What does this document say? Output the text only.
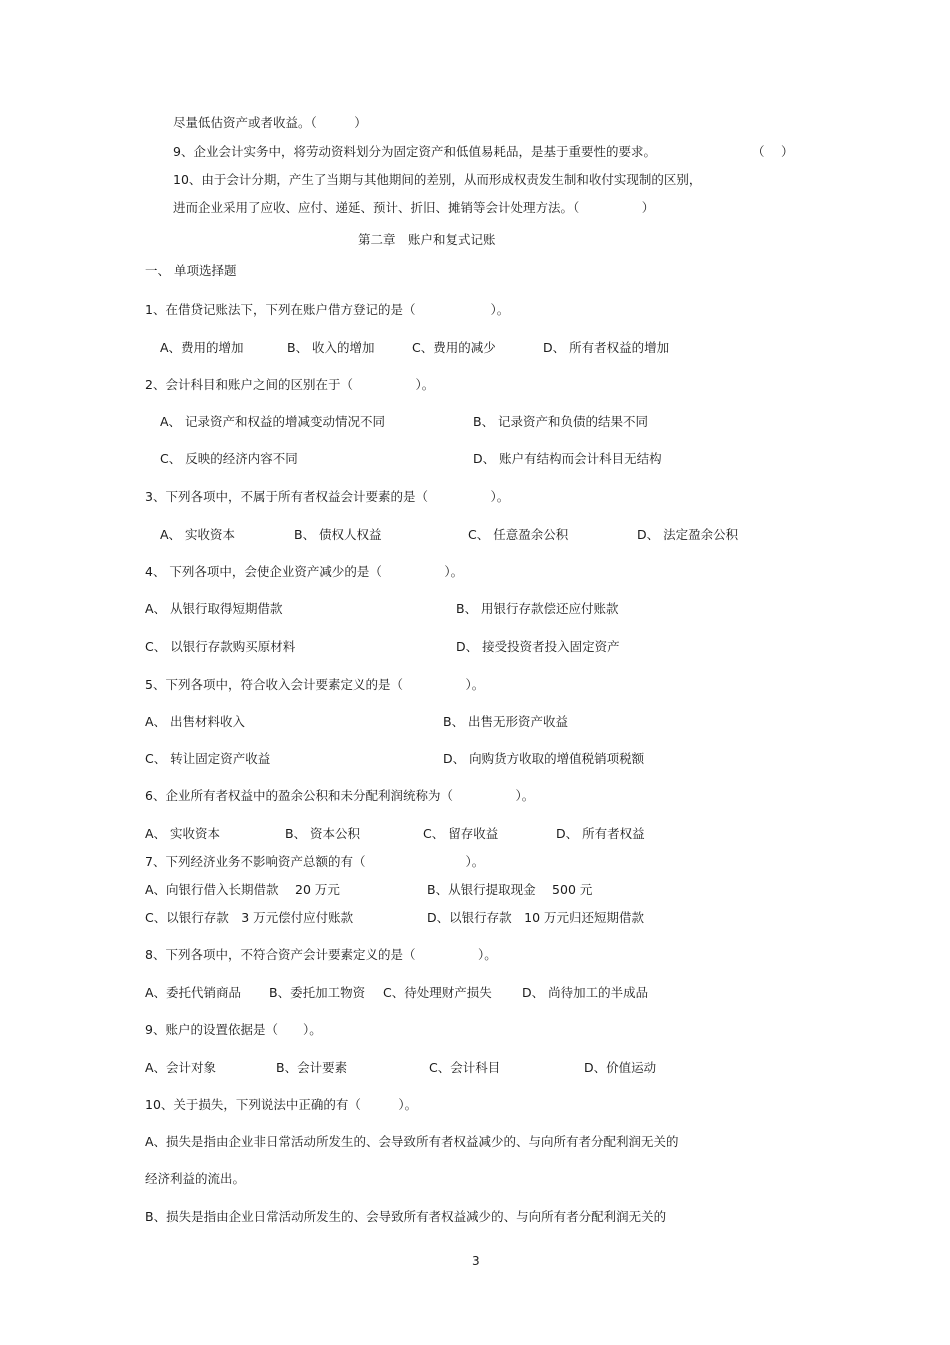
尽量低估资产或者收益。（　　　）
9、企业会计实务中，将劳动资料划分为固定资产和低值易耗品，是基于重要性的要求。	（　 ）
10、由于会计分期，产生了当期与其他期间的差别，从而形成权责发生制和收付实现制的区别，
进而企业采用了应收、应付、递延、预计、折旧、摊销等会计处理方法。（　　　　　）
第二章　账户和复式记账
一、 单项选择题
1、在借贷记账法下，下列在账户借方登记的是（　　　　　　）。
A、费用的增加	B、 收入的增加	C、费用的减少	D、 所有者权益的增加
2、会计科目和账户之间的区别在于（　　　　　）。
A、 记录资产和权益的增减变动情况不同	B、 记录资产和负债的结果不同
C、 反映的经济内容不同	D、 账户有结构而会计科目无结构
3、下列各项中，不属于所有者权益会计要素的是（　　　　　）。
A、 实收资本	B、 债权人权益	C、 任意盈余公积	D、 法定盈余公积
4、 下列各项中，会使企业资产减少的是（　　　　　）。
A、 从银行取得短期借款	B、 用银行存款偿还应付账款
C、 以银行存款购买原材料	D、 接受投资者投入固定资产
5、下列各项中，符合收入会计要素定义的是（　　　　　）。
A、 出售材料收入	B、 出售无形资产收益
C、 转让固定资产收益	D、 向购货方收取的增值税销项税额
6、企业所有者权益中的盈余公积和未分配利润统称为（　　　　　）。
A、 实收资本	B、 资本公积	C、 留存收益	D、 所有者权益
7、下列经济业务不影响资产总额的有（　　　　　　　　）。
A、向银行借入长期借款　 20 万元	B、从银行提取现金　 500 元
C、以银行存款　3 万元偿付应付账款	D、以银行存款　10 万元归还短期借款
8、下列各项中，不符合资产会计要素定义的是（　　　　　）。
A、委托代销商品 B、委托加工物资 C、待处理财产损失 D、 尚待加工的半成品
9、账户的设置依据是（　　）。
A、会计对象	B、会计要素	C、会计科目	D、价值运动
10、关于损失，下列说法中正确的有（　　　）。
A、损失是指由企业非日常活动所发生的、会导致所有者权益减少的、与向所有者分配利润无关的
经济利益的流出。
B、损失是指由企业日常活动所发生的、会导致所有者权益减少的、与向所有者分配利润无关的
3
